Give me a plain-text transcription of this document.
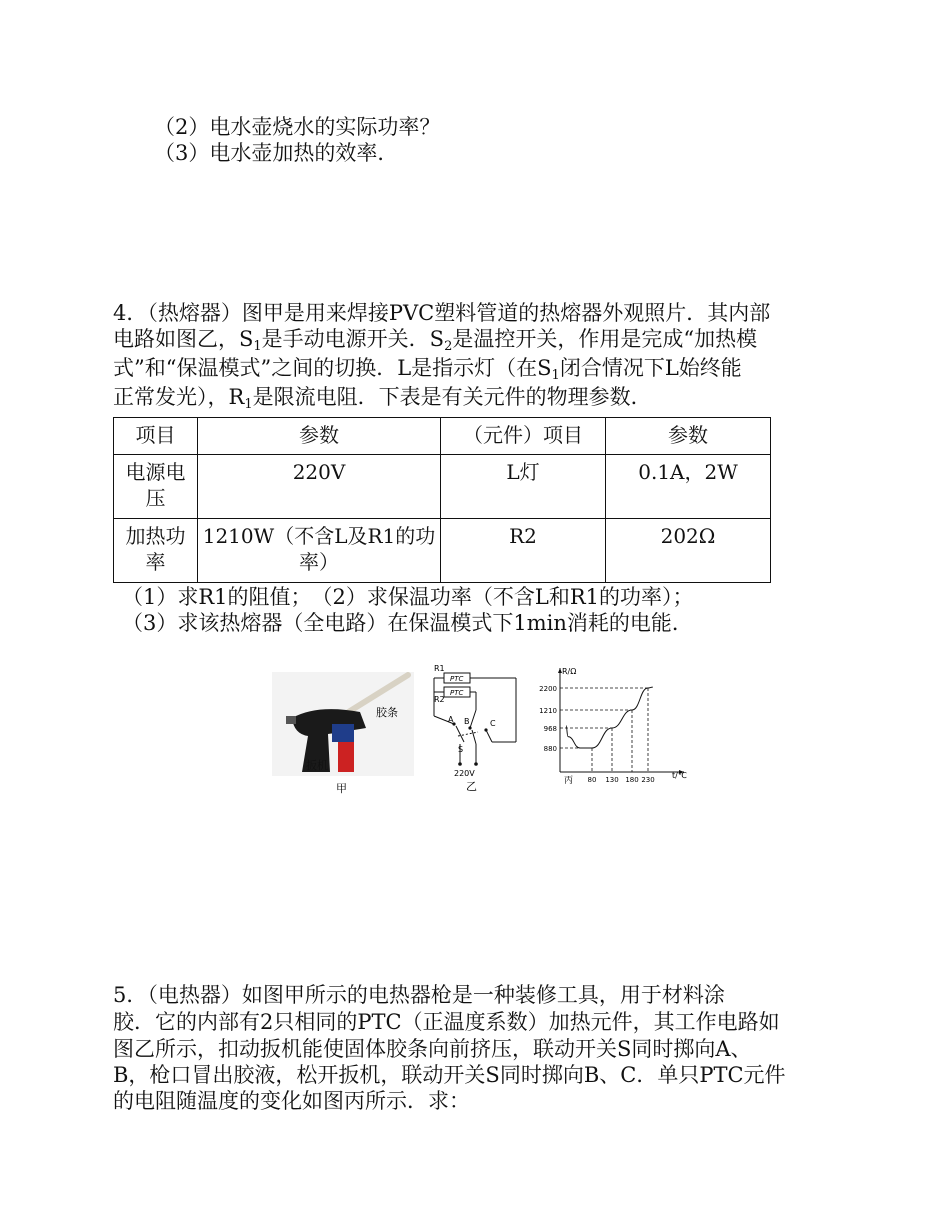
（2）电水壶烧水的实际功率？
（3）电水壶加热的效率．
4．（热熔器）图甲是用来焊接PVC塑料管道的热熔器外观照片．其内部
电路如图乙，$S_1$是手动电源开关．$S_2$是温控开关，作用是完成“加热模
式”和“保温模式”之间的切换．L是指示灯（在$S_1$闭合情况下L始终能
正常发光），$R_1$是限流电阻．下表是有关元件的物理参数．
项目	参数	（元件）项目	参数
电源电压	220V	L灯	0.1A，2W
加热功率	1210W（不含L及R1的功率）	R2	202Ω
（1）求R1的阻值；　（2）求保温功率（不含L和R1的功率）；
（3）求该热熔器（全电路）在保温模式下1min消耗的电能．
胶条
扳机
甲
R1
R2
PTC
PTC
A B	C
S
220V
乙
880
968
1210
2200
80 130 180 230
R/Ω
t/℃
丙
5．（电热器）如图甲所示的电热器枪是一种装修工具，用于材料涂
胶．它的内部有2只相同的PTC（正温度系数）加热元件，其工作电路如
图乙所示，扣动扳机能使固体胶条向前挤压，联动开关S同时掷向A、
B，枪口冒出胶液，松开扳机，联动开关S同时掷向B、C．单只PTC元件
的电阻随温度的变化如图丙所示．求：
